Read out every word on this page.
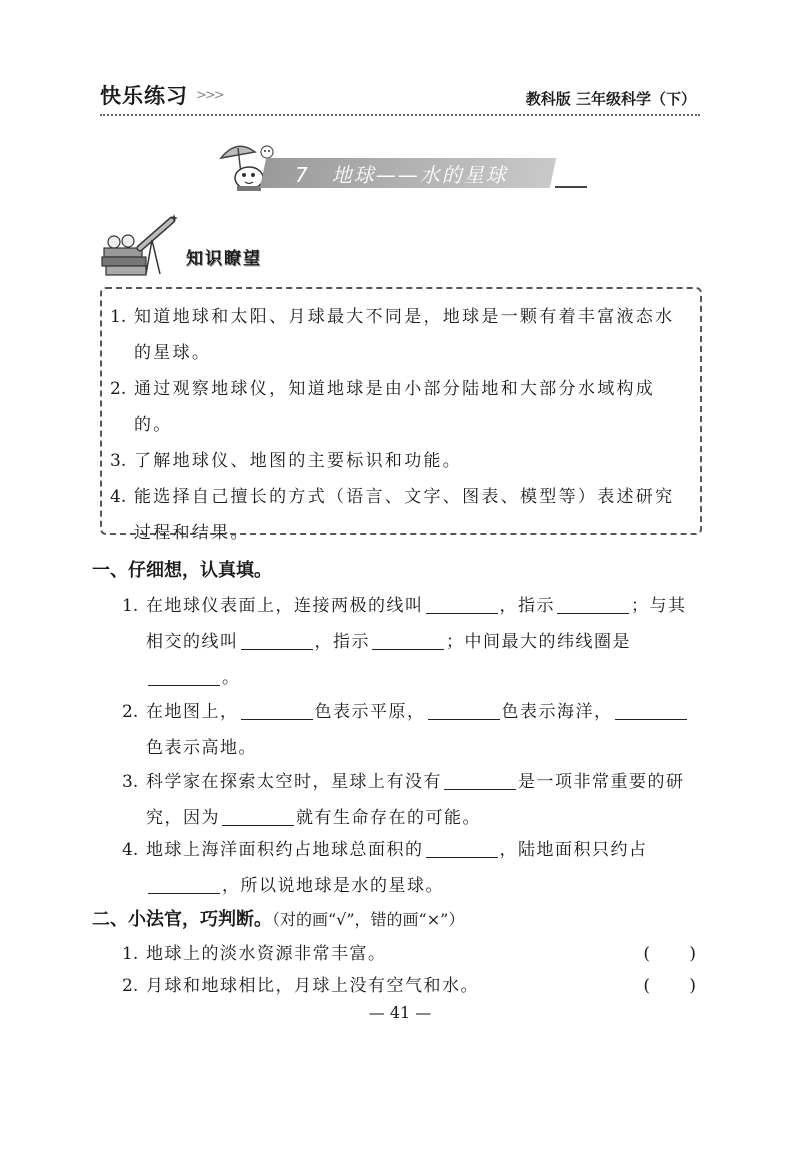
快乐练习 >>>	教科版 三年级科学（下）
7 地球——水的星球
知识瞭望
1. 知道地球和太阳、月球最大不同是，地球是一颗有着丰富液态水的星球。
2. 通过观察地球仪，知道地球是由小部分陆地和大部分水域构成的。
3. 了解地球仪、地图的主要标识和功能。
4. 能选择自己擅长的方式（语言、文字、图表、模型等）表述研究过程和结果。
一、仔细想，认真填。
1. 在地球仪表面上，连接两极的线叫	，指示	；与其相交的线叫	，指示	；中间最大的纬线圈是。
2. 在地图上，	色表示平原，	色表示海洋，色表示高地。
3. 科学家在探索太空时，星球上有没有	是一项非常重要的研究，因为	就有生命存在的可能。
4. 地球上海洋面积约占地球总面积的	，陆地面积只约占，所以说地球是水的星球。
二、小法官，巧判断。（对的画“√”，错的画“×”）
1. 地球上的淡水资源非常丰富。	( )
2. 月球和地球相比，月球上没有空气和水。	( )
— 41 —
